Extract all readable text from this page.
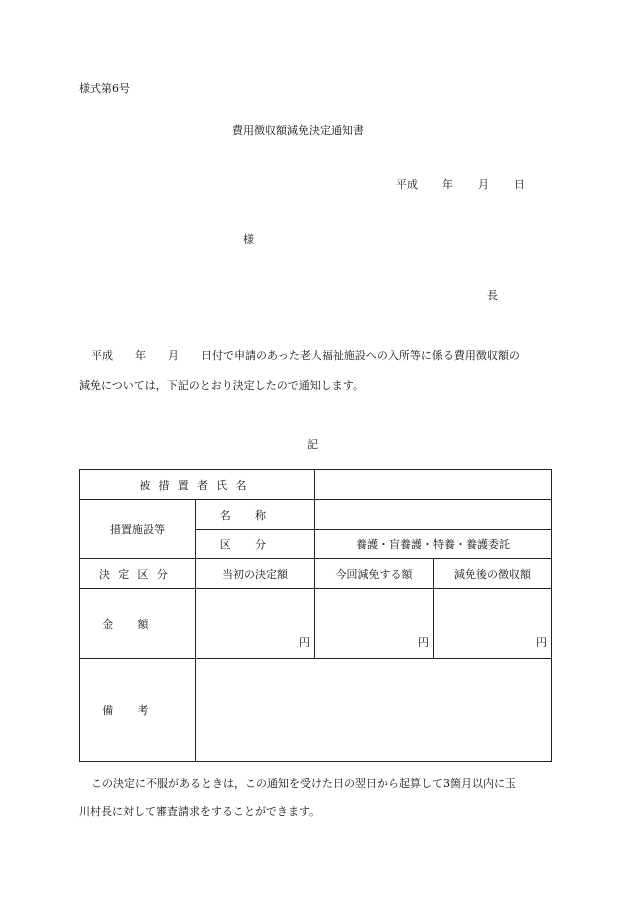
様式第6号
費用徴収額減免決定通知書
平成 年 月 日
様
長

平成　　年　　月　　日付で申請のあった老人福祉施設への入所等に係る費用徴収額の

減免については，下記のとおり決定したので通知します。

記
被措置者氏名			
措置施設等	名称		
	区分	養護・盲養護・特養・養護委託	
決定区分	当初の決定額	今回減免する額	減免後の徴収額
金額	円	円	円

備考			

この決定に不服があるときは，この通知を受けた日の翌日から起算して3箇月以内に玉

川村長に対して審査請求をすることができます。
